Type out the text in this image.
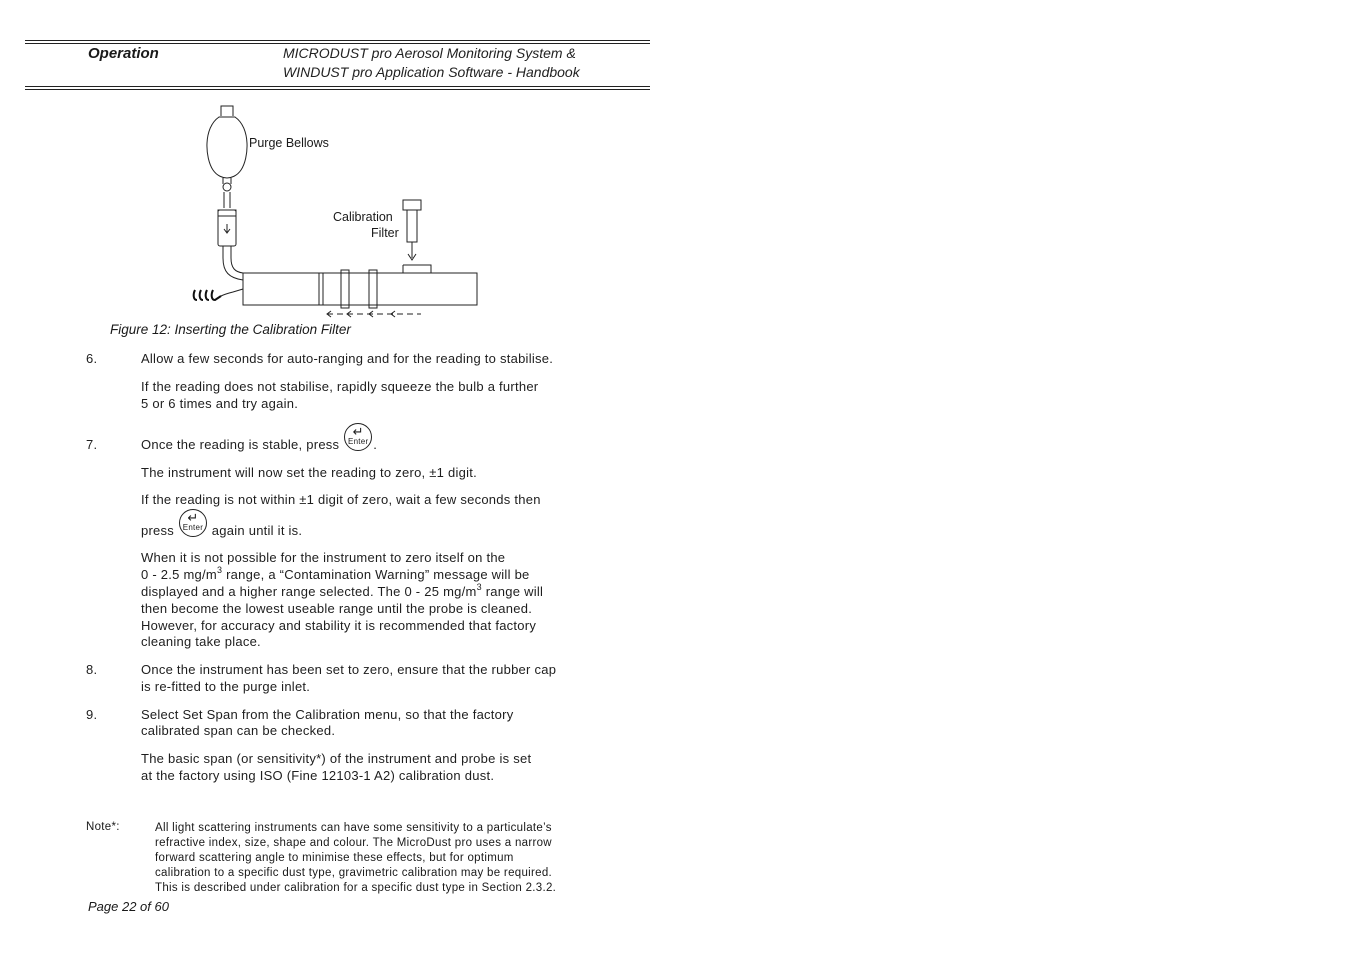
Operation	MICRODUST pro Aerosol Monitoring System &
WINDUST pro Application Software - Handbook
Purge Bellows
Calibration
Filter
Figure 12: Inserting the Calibration Filter
6.	Allow a few seconds for auto-ranging and for the reading to stabilise.
If the reading does not stabilise, rapidly squeeze the bulb a further
5 or 6 times and try again.
7.	Once the reading is stable, press
↵
Enter .
The instrument will now set the reading to zero, ±1 digit.
If the reading is not within ±1 digit of zero, wait a few seconds then
press
↵
Enter again until it is.
When it is not possible for the instrument to zero itself on the
0 - 2.5 $mg/m^3$ range, a “Contamination Warning” message will be
displayed and a higher range selected. The 0 - 25 $mg/m^3$ range will
then become the lowest useable range until the probe is cleaned.
However, for accuracy and stability it is recommended that factory
cleaning take place.
8.	Once the instrument has been set to zero, ensure that the rubber cap
is re-fitted to the purge inlet.
9.	Select Set Span from the Calibration menu, so that the factory
calibrated span can be checked.
The basic span (or sensitivity*) of the instrument and probe is set
at the factory using ISO (Fine 12103-1 A2) calibration dust.
Note*:	All light scattering instruments can have some sensitivity to a particulate’s
refractive index, size, shape and colour. The MicroDust pro uses a narrow
forward scattering angle to minimise these effects, but for optimum
calibration to a specific dust type, gravimetric calibration may be required.
This is described under calibration for a specific dust type in Section 2.3.2.
Page 22 of 60
